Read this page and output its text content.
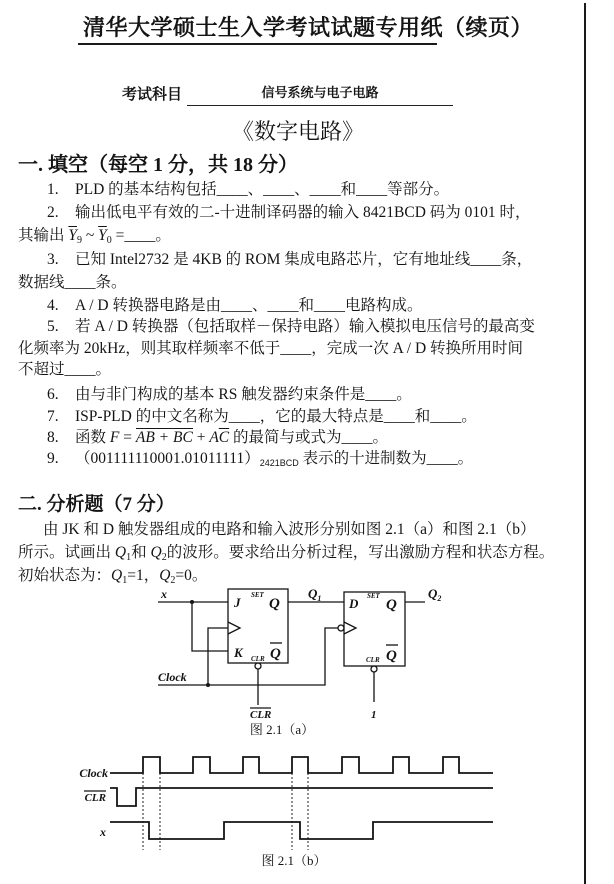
清华大学硕士生入学考试试题专用纸（续页）
考试科目	信号系统与电子电路
《数字电路》
一. 填空（每空 1 分，共 18 分）
1. PLD 的基本结构包括____、____、____和____等部分。
2. 输出低电平有效的二-十进制译码器的输入 8421BCD 码为 0101 时，
其输出 $\overline{Y}_9$ ~ $\overline{Y}_0$ =____。
3. 已知 Intel2732 是 4KB 的 ROM 集成电路芯片，它有地址线____条，
数据线____条。
4. A / D 转换器电路是由____、____和____电路构成。
5. 若 A / D 转换器（包括取样－保持电路）输入模拟电压信号的最高变
化频率为 20kHz，则其取样频率不低于____，完成一次 A / D 转换所用时间
不超过____。
6. 由与非门构成的基本 RS 触发器约束条件是____。
7. ISP-PLD 的中文名称为____，它的最大特点是____和____。
8. 函数 F = AB + $\overline{BC} + A\overline{C}$ 的最简与或式为____。
9. （001111110001.01011111）2421BCD 表示的十进制数为____。
二. 分析题（7 分）
由 JK 和 D 触发器组成的电路和输入波形分别如图 2.1（a）和图 2.1（b）
所示。试画出 $Q_1$和 $Q_2$的波形。要求给出分析过程，写出激励方程和状态方程。
初始状态为：$Q_1=1$，$Q_2=0$。
x
J SET
Q
K CLR Q
$Q_1$ D SET
Q
CLR Q
$Q_2$
Clock
CLR	1
图 2.1（a）
Clock
CLR
x
图 2.1（b）
